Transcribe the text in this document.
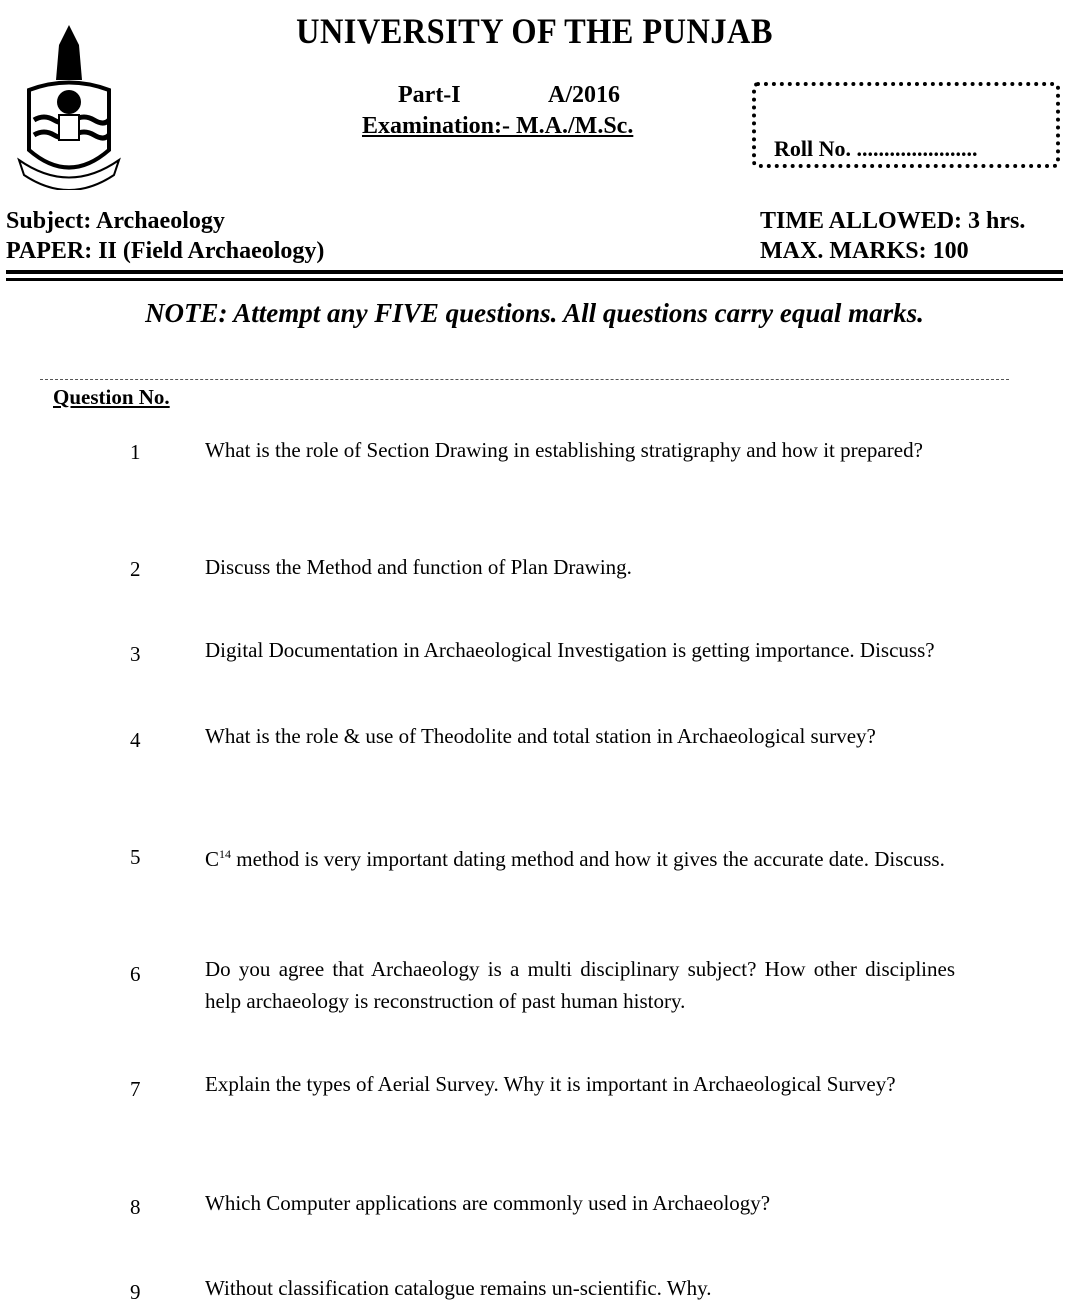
UNIVERSITY OF THE PUNJAB
Part-I	A/2016
Examination:- M.A./M.Sc.
Roll No. ......................
Subject: Archaeology
PAPER: II (Field Archaeology)
TIME ALLOWED: 3 hrs.
MAX. MARKS: 100
NOTE: Attempt any FIVE questions. All questions carry equal marks.
Question No.
1	What is the role of Section Drawing in establishing stratigraphy and how it prepared?
2	Discuss the Method and function of Plan Drawing.
3	Digital Documentation in Archaeological Investigation is getting importance. Discuss?
4	What is the role & use of Theodolite and total station in Archaeological survey?
5	$C^{14}$ method is very important dating method and how it gives the accurate date. Discuss.
6	Do you agree that Archaeology is a multi disciplinary subject? How other disciplines help archaeology is reconstruction of past human history.
7	Explain the types of Aerial Survey. Why it is important in Archaeological Survey?
8	Which Computer applications are commonly used in Archaeology?
9	Without classification catalogue remains un-scientific. Why.
